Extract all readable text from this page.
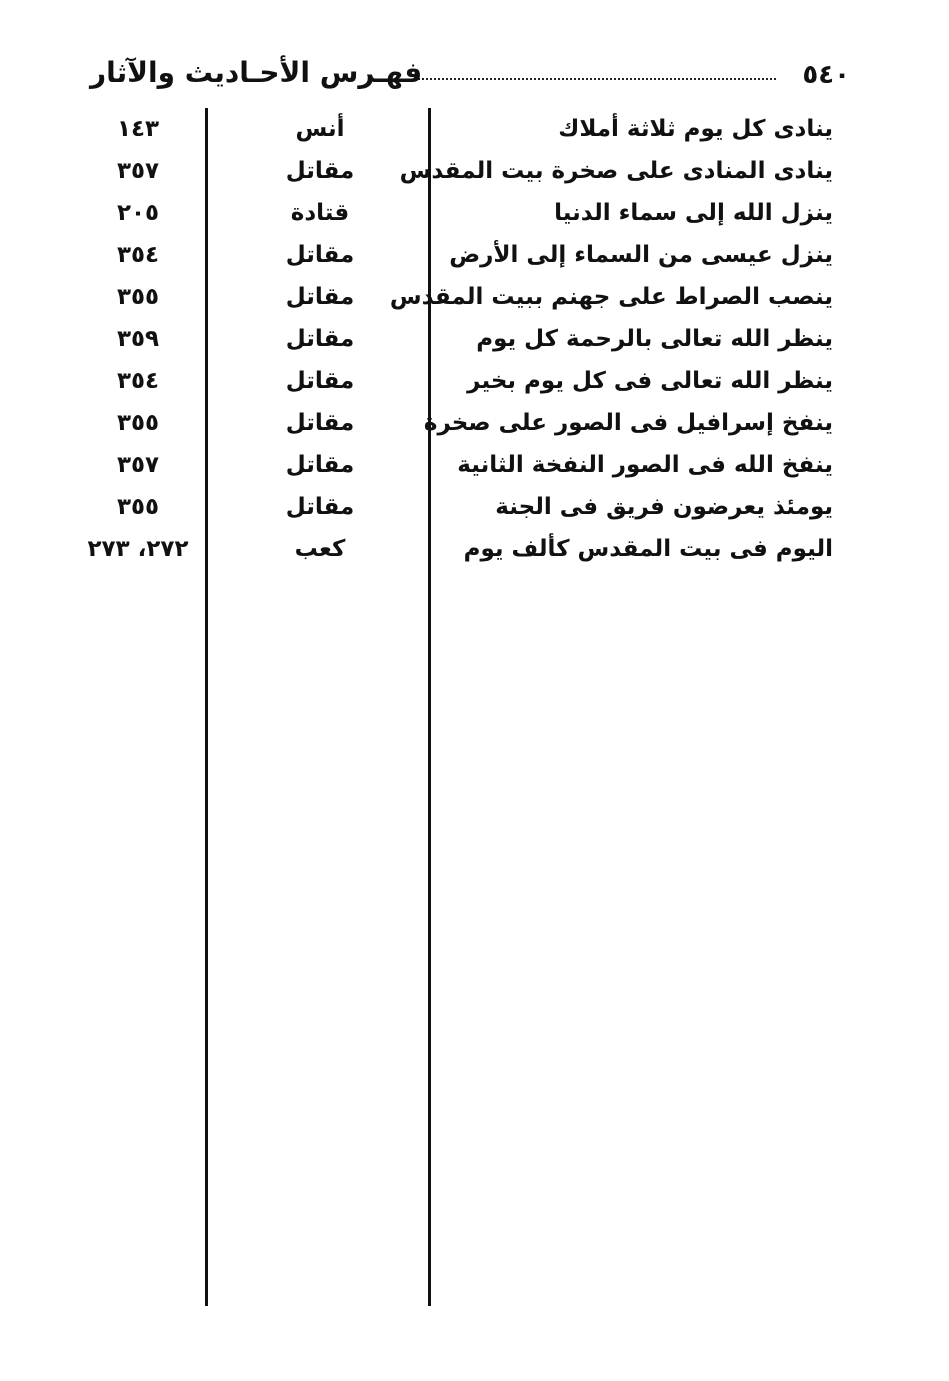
٥٤٠
فهـرس الأحـاديث والآثار
ينادى كل يوم ثلاثة أملاك
أنس
١٤٣
ينادى المنادى على صخرة بيت المقدس
مقاتل
٣٥٧
ينزل الله إلى سماء الدنيا
قتادة
٢٠٥
ينزل عيسى من السماء إلى الأرض
مقاتل
٣٥٤
ينصب الصراط على جهنم ببيت المقدس
مقاتل
٣٥٥
ينظر الله تعالى بالرحمة كل يوم
مقاتل
٣٥٩
ينظر الله تعالى فى كل يوم بخير
مقاتل
٣٥٤
ينفخ إسرافيل فى الصور على صخرة
مقاتل
٣٥٥
ينفخ الله فى الصور النفخة الثانية
مقاتل
٣٥٧
يومئذ يعرضون فريق فى الجنة
مقاتل
٣٥٥
اليوم فى بيت المقدس كألف يوم
كعب
٢٧٢، ٢٧٣
